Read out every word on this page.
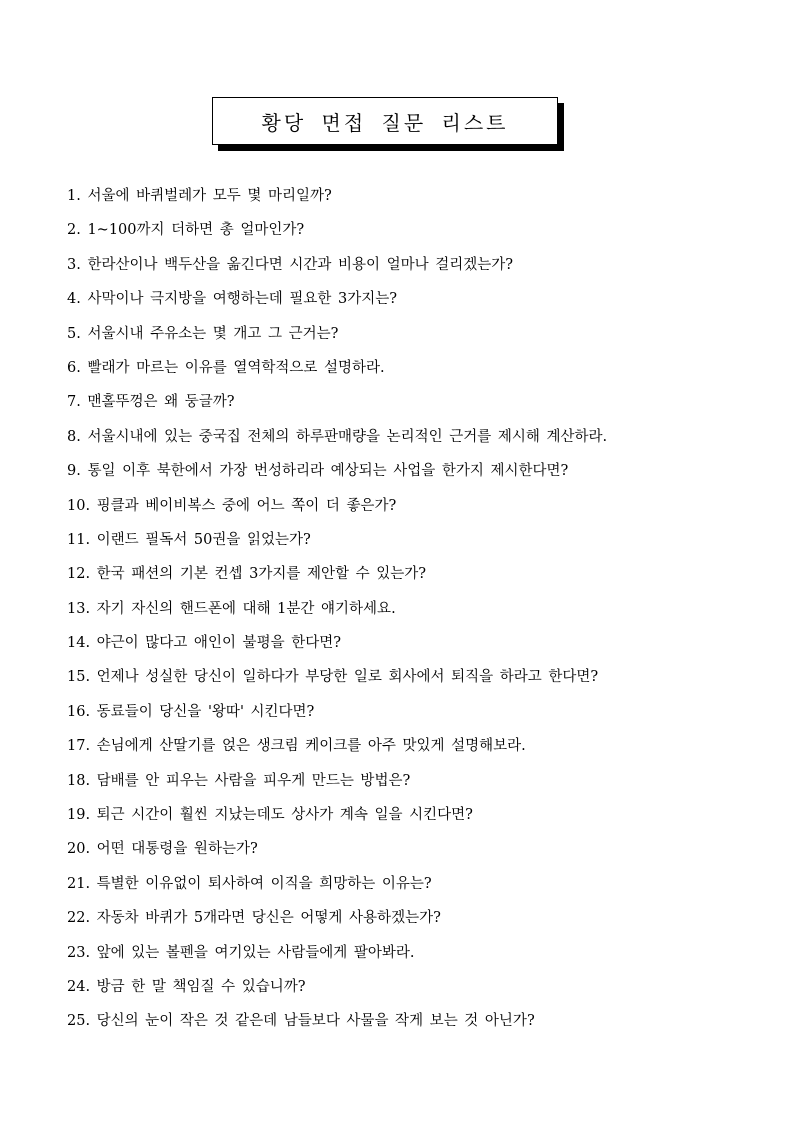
황당 면접 질문 리스트
1. 서울에 바퀴벌레가 모두 몇 마리일까?
2. 1~100까지 더하면 총 얼마인가?
3. 한라산이나 백두산을 옮긴다면 시간과 비용이 얼마나 걸리겠는가?
4. 사막이나 극지방을 여행하는데 필요한 3가지는?
5. 서울시내 주유소는 몇 개고 그 근거는?
6. 빨래가 마르는 이유를 열역학적으로 설명하라.
7. 맨홀뚜껑은 왜 둥글까?
8. 서울시내에 있는 중국집 전체의 하루판매량을 논리적인 근거를 제시해 계산하라.
9. 통일 이후 북한에서 가장 번성하리라 예상되는 사업을 한가지 제시한다면?
10. 핑클과 베이비복스 중에 어느 쪽이 더 좋은가?
11. 이랜드 필독서 50권을 읽었는가?
12. 한국 패션의 기본 컨셉 3가지를 제안할 수 있는가?
13. 자기 자신의 핸드폰에 대해 1분간 얘기하세요.
14. 야근이 많다고 애인이 불평을 한다면?
15. 언제나 성실한 당신이 일하다가 부당한 일로 회사에서 퇴직을 하라고 한다면?
16. 동료들이 당신을 '왕따' 시킨다면?
17. 손님에게 산딸기를 얹은 생크림 케이크를 아주 맛있게 설명해보라.
18. 담배를 안 피우는 사람을 피우게 만드는 방법은?
19. 퇴근 시간이 훨씬 지났는데도 상사가 계속 일을 시킨다면?
20. 어떤 대통령을 원하는가?
21. 특별한 이유없이 퇴사하여 이직을 희망하는 이유는?
22. 자동차 바퀴가 5개라면 당신은 어떻게 사용하겠는가?
23. 앞에 있는 볼펜을 여기있는 사람들에게 팔아봐라.
24. 방금 한 말 책임질 수 있습니까?
25. 당신의 눈이 작은 것 같은데 남들보다 사물을 작게 보는 것 아닌가?
